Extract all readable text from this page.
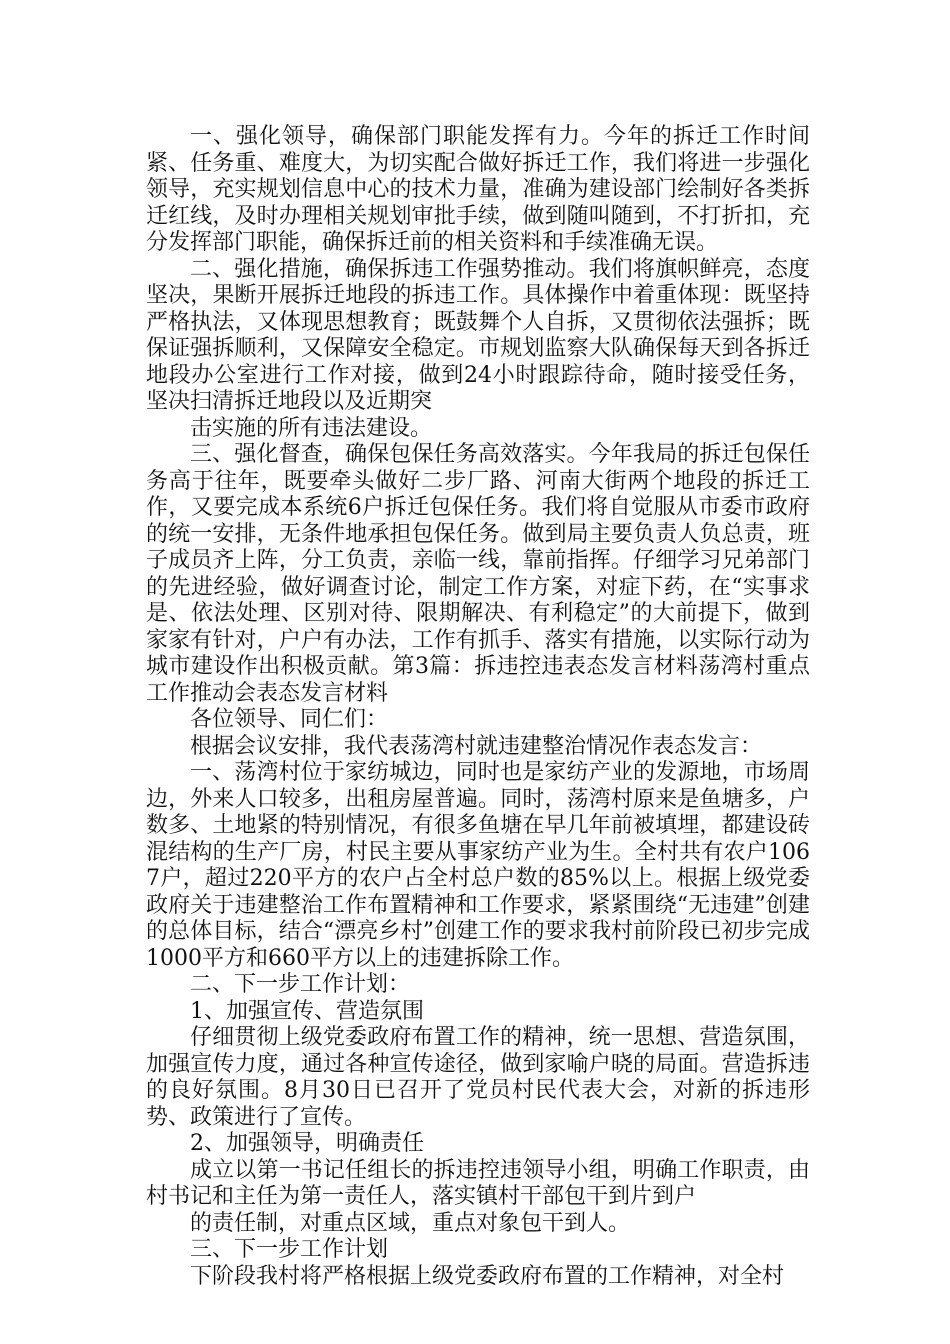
一、强化领导，确保部门职能发挥有力。今年的拆迁工作时间紧、任务重、难度大，为切实配合做好拆迁工作，我们将进一步强化领导，充实规划信息中心的技术力量，准确为建设部门绘制好各类拆迁红线，及时办理相关规划审批手续，做到随叫随到，不打折扣，充分发挥部门职能，确保拆迁前的相关资料和手续准确无误。

二、强化措施，确保拆违工作强势推动。我们将旗帜鲜亮，态度坚决，果断开展拆迁地段的拆违工作。具体操作中着重体现：既坚持严格执法，又体现思想教育；既鼓舞个人自拆，又贯彻依法强拆；既保证强拆顺利，又保障安全稳定。市规划监察大队确保每天到各拆迁地段办公室进行工作对接，做到24小时跟踪待命，随时接受任务，坚决扫清拆迁地段以及近期突

击实施的所有违法建设。

三、强化督查，确保包保任务高效落实。今年我局的拆迁包保任务高于往年，既要牵头做好二步厂路、河南大街两个地段的拆迁工作，又要完成本系统6户拆迁包保任务。我们将自觉服从市委市政府的统一安排，无条件地承担包保任务。做到局主要负责人负总责，班子成员齐上阵，分工负责，亲临一线，靠前指挥。仔细学习兄弟部门的先进经验，做好调查讨论，制定工作方案，对症下药，在“实事求是、依法处理、区别对待、限期解决、有利稳定”的大前提下，做到家家有针对，户户有办法，工作有抓手、落实有措施，以实际行动为城市建设作出积极贡献。第3篇：拆违控违表态发言材料荡湾村重点工作推动会表态发言材料

各位领导、同仁们：

根据会议安排，我代表荡湾村就违建整治情况作表态发言：

一、荡湾村位于家纺城边，同时也是家纺产业的发源地，市场周边，外来人口较多，出租房屋普遍。同时，荡湾村原来是鱼塘多，户数多、土地紧的特别情况，有很多鱼塘在早几年前被填埋，都建设砖混结构的生产厂房，村民主要从事家纺产业为生。全村共有农户1067户，超过220平方的农户占全村总户数的85%以上。根据上级党委政府关于违建整治工作布置精神和工作要求，紧紧围绕“无违建”创建的总体目标，结合“漂亮乡村”创建工作的要求我村前阶段已初步完成1000平方和660平方以上的违建拆除工作。

二、下一步工作计划：

1、加强宣传、营造氛围

仔细贯彻上级党委政府布置工作的精神，统一思想、营造氛围，加强宣传力度，通过各种宣传途径，做到家喻户晓的局面。营造拆违的良好氛围。8月30日已召开了党员村民代表大会，对新的拆违形势、政策进行了宣传。

2、加强领导，明确责任

成立以第一书记任组长的拆违控违领导小组，明确工作职责，由村书记和主任为第一责任人，落实镇村干部包干到片到户

的责任制，对重点区域，重点对象包干到人。

三、下一步工作计划

下阶段我村将严格根据上级党委政府布置的工作精神，对全村
